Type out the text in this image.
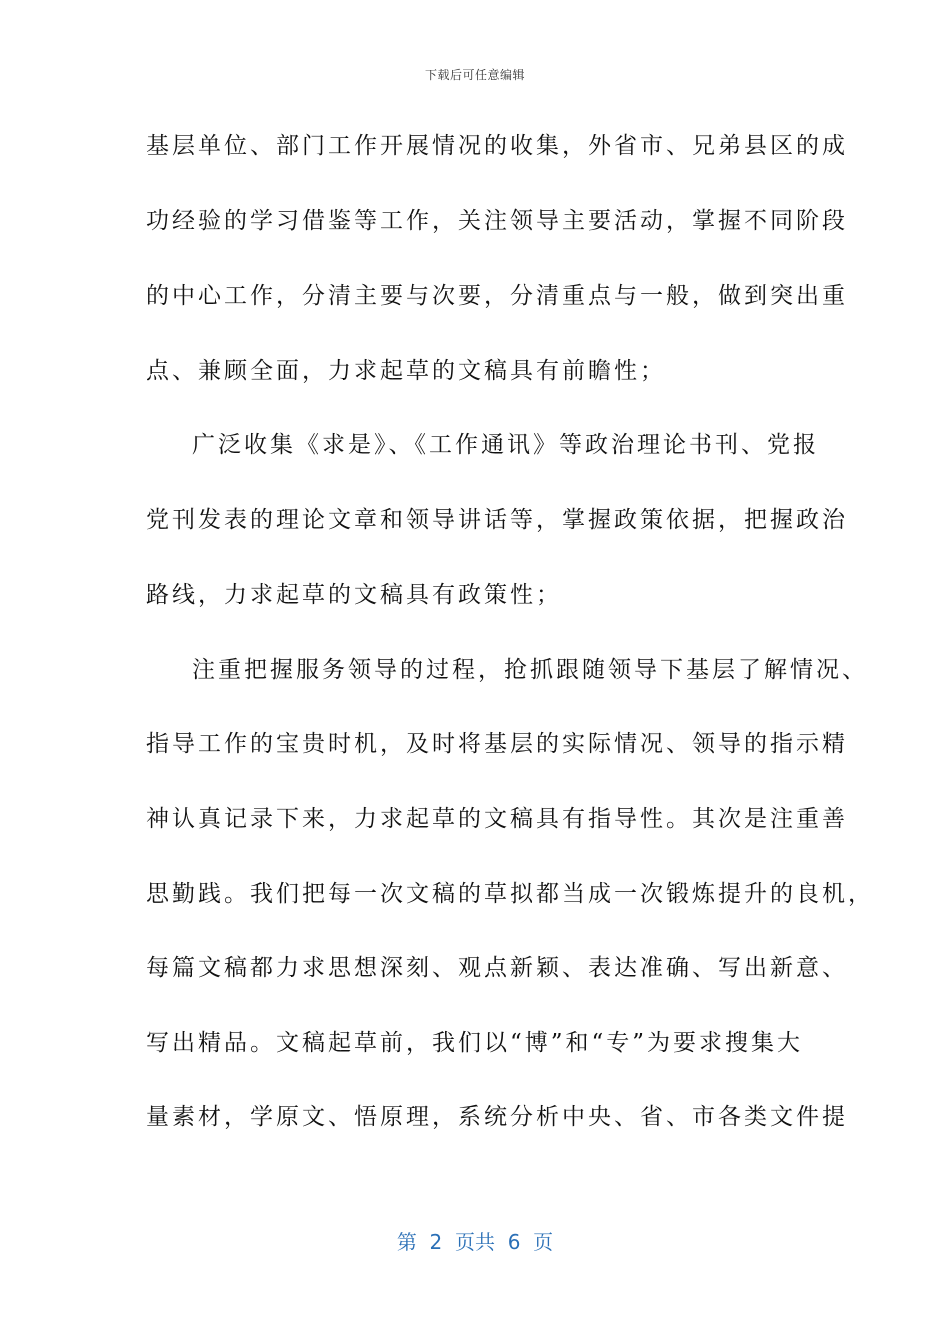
下载后可任意编辑
基层单位、部门工作开展情况的收集，外省市、兄弟县区的成
功经验的学习借鉴等工作，关注领导主要活动，掌握不同阶段
的中心工作，分清主要与次要，分清重点与一般，做到突出重
点、兼顾全面，力求起草的文稿具有前瞻性；
广泛收集《求是》、《工作通讯》等政治理论书刊、党报
党刊发表的理论文章和领导讲话等，掌握政策依据，把握政治
路线，力求起草的文稿具有政策性；
注重把握服务领导的过程，抢抓跟随领导下基层了解情况、
指导工作的宝贵时机，及时将基层的实际情况、领导的指示精
神认真记录下来，力求起草的文稿具有指导性。其次是注重善
思勤践。我们把每一次文稿的草拟都当成一次锻炼提升的良机，
每篇文稿都力求思想深刻、观点新颖、表达准确、写出新意、
写出精品。文稿起草前，我们以“博”和“专”为要求搜集大
量素材，学原文、悟原理，系统分析中央、省、市各类文件提
第  2  页共  6  页
